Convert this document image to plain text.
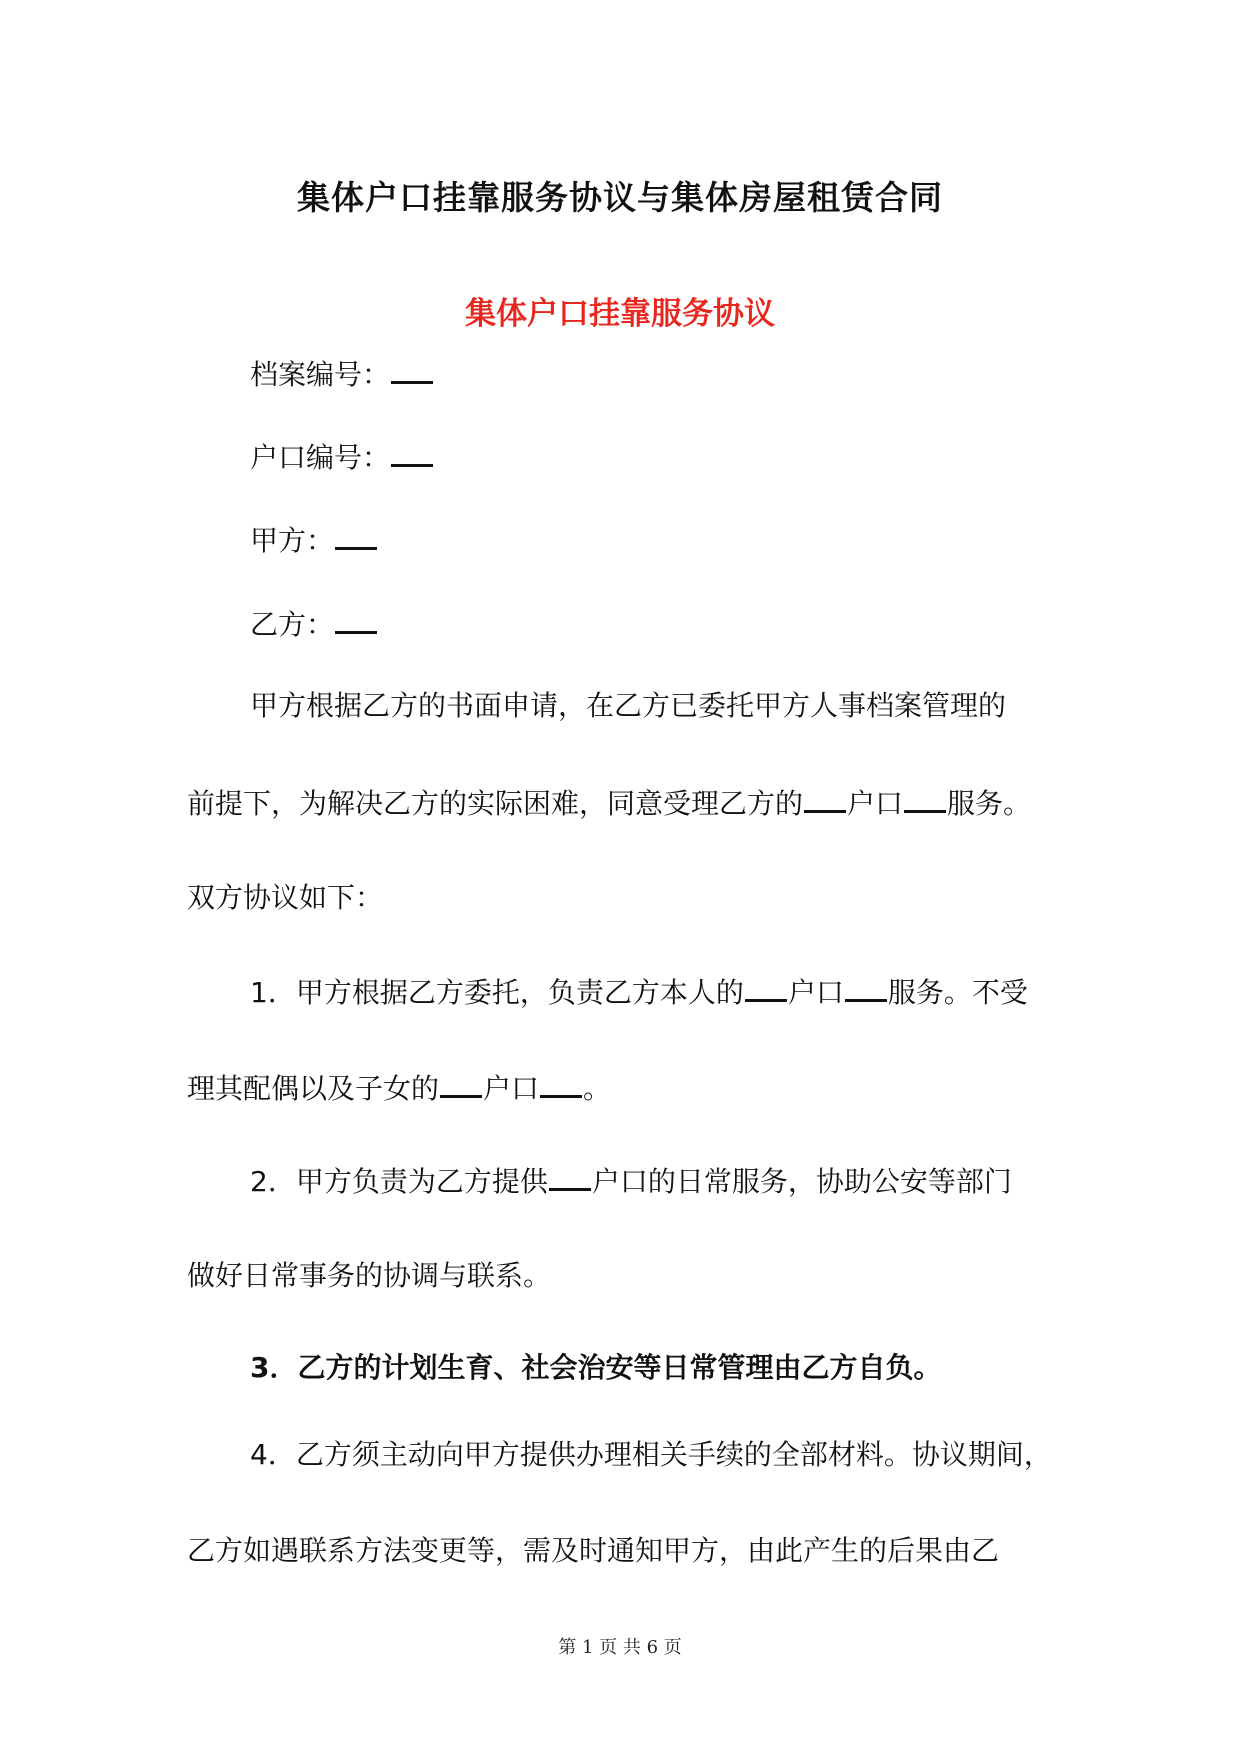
集体户口挂靠服务协议与集体房屋租赁合同
集体户口挂靠服务协议
档案编号：
户口编号：
甲方：
乙方：
甲方根据乙方的书面申请，在乙方已委托甲方人事档案管理的
前提下，为解决乙方的实际困难，同意受理乙方的 户口 服务。
双方协议如下：
1．甲方根据乙方委托，负责乙方本人的 户口 服务。不受
理其配偶以及子女的 户口 。
2．甲方负责为乙方提供 户口的日常服务，协助公安等部门
做好日常事务的协调与联系。
3．乙方的计划生育、社会治安等日常管理由乙方自负。
4．乙方须主动向甲方提供办理相关手续的全部材料。协议期间，
乙方如遇联系方法变更等，需及时通知甲方，由此产生的后果由乙
第 1 页 共 6 页
